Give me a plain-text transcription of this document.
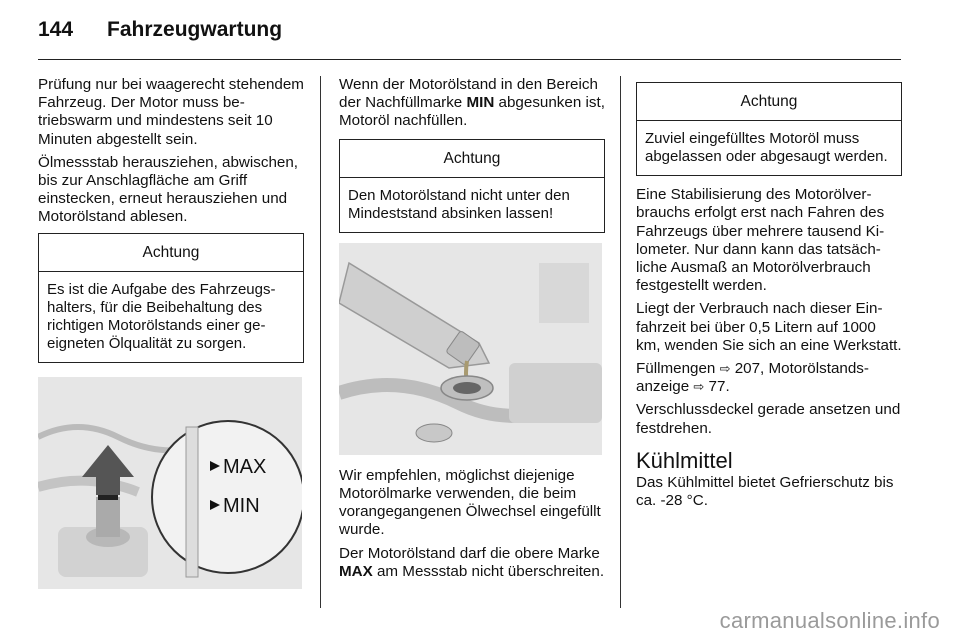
144 Fahrzeugwartung

Prüfung nur bei waagerecht stehendem Fahrzeug. Der Motor muss betriebswarm und mindestens seit 10 Minuten abgestellt sein.

Ölmessstab herausziehen, abwischen, bis zur Anschlagfläche am Griff einstecken, erneut herausziehen und Motorölstand ablesen.

Achtung
Es ist die Aufgabe des Fahrzeugshalters, für die Beibehaltung des richtigen Motorölstands einer geeigneten Ölqualität zu sorgen.
MAX
MIN

Wenn der Motorölstand in den Bereich der Nachfüllmarke MIN abgesunken ist, Motoröl nachfüllen.

Achtung
Den Motorölstand nicht unter den Mindeststand absinken lassen!

Wir empfehlen, möglichst diejenige Motorölmarke verwenden, die beim vorangegangenen Ölwechsel eingefüllt wurde.

Der Motorölstand darf die obere Marke MAX am Messstab nicht überschreiten.

Achtung
Zuviel eingefülltes Motoröl muss abgelassen oder abgesaugt werden.

Eine Stabilisierung des Motorölverbrauchs erfolgt erst nach Fahren des Fahrzeugs über mehrere tausend Kilometer. Nur dann kann das tatsächliche Ausmaß an Motorölverbrauch festgestellt werden.

Liegt der Verbrauch nach dieser Einfahrzeit bei über 0,5 Litern auf 1000 km, wenden Sie sich an eine Werkstatt.

Füllmengen ⇨ 207, Motorölstandsanzeige ⇨ 77.

Verschlussdeckel gerade ansetzen und festdrehen.

Kühlmittel

Das Kühlmittel bietet Gefrierschutz bis ca. -28 °C.

carmanualsonline.info
